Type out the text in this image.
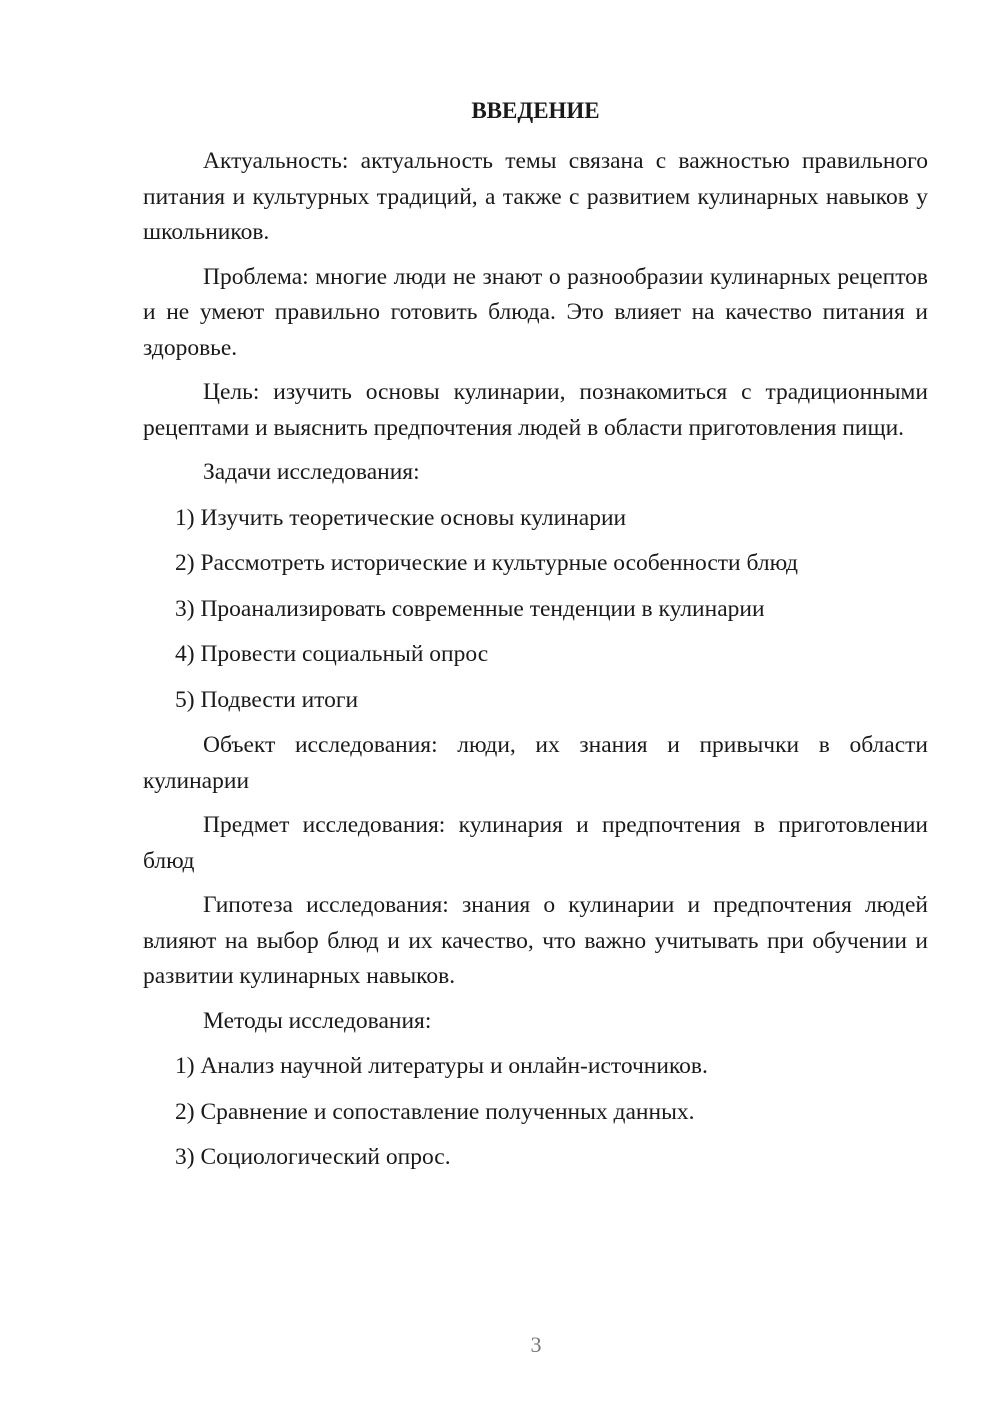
ВВЕДЕНИЕ

Актуальность: актуальность темы связана с важностью правильного питания и культурных традиций, а также с развитием кулинарных навыков у школьников.

Проблема: многие люди не знают о разнообразии кулинарных рецептов и не умеют правильно готовить блюда. Это влияет на качество питания и здоровье.

Цель: изучить основы кулинарии, познакомиться с традиционными рецептами и выяснить предпочтения людей в области приготовления пищи.

Задачи исследования:

1) Изучить теоретические основы кулинарии
2) Рассмотреть исторические и культурные особенности блюд
3) Проанализировать современные тенденции в кулинарии
4) Провести социальный опрос
5) Подвести итоги

Объект исследования: люди, их знания и привычки в области кулинарии

Предмет исследования: кулинария и предпочтения в приготовлении блюд

Гипотеза исследования: знания о кулинарии и предпочтения людей влияют на выбор блюд и их качество, что важно учитывать при обучении и развитии кулинарных навыков.

Методы исследования:

1) Анализ научной литературы и онлайн-источников.
2) Сравнение и сопоставление полученных данных.
3) Социологический опрос.
3
